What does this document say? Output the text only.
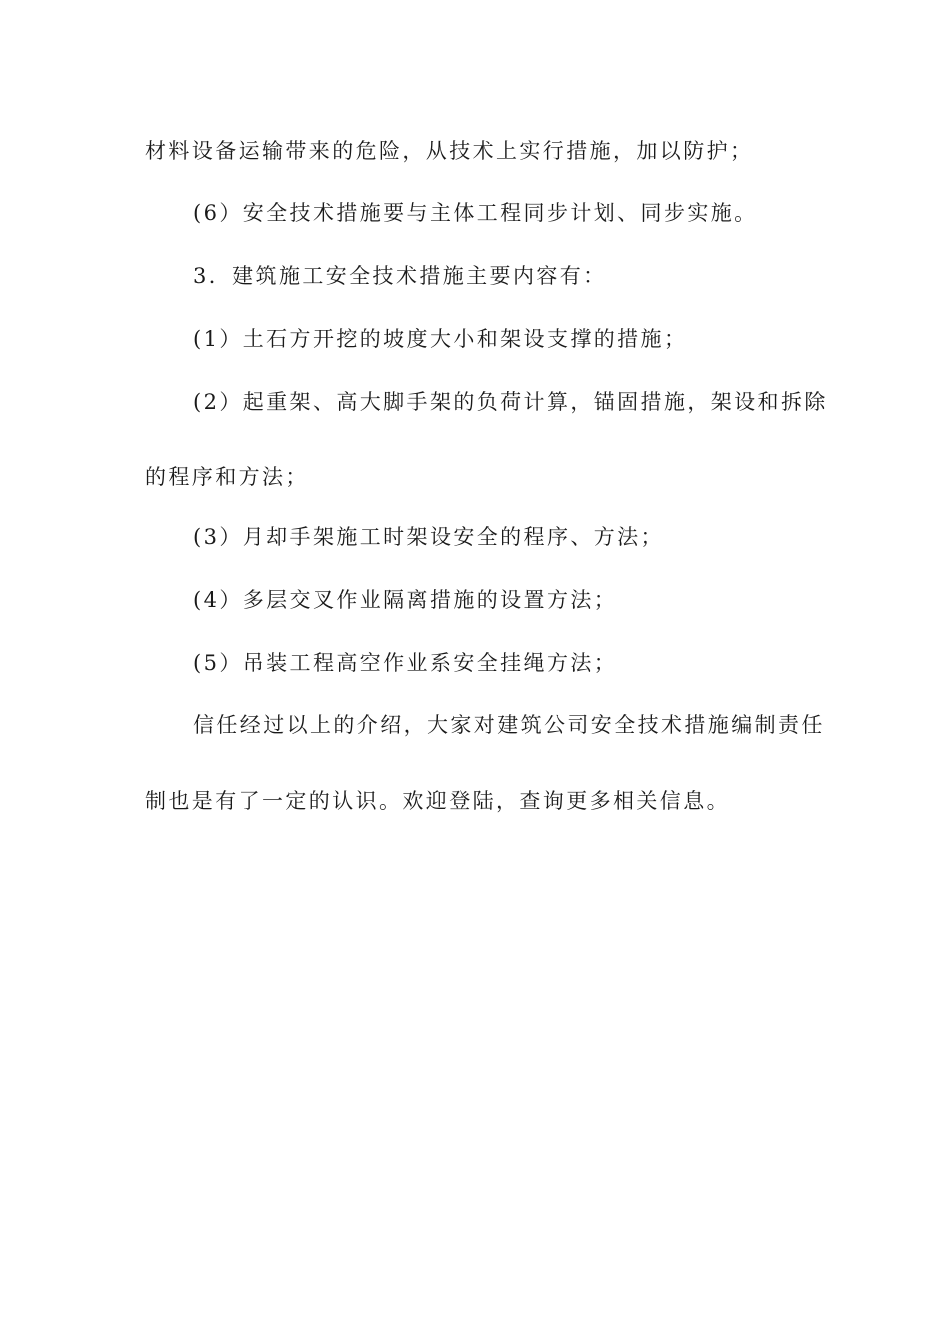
材料设备运输带来的危险，从技术上实行措施，加以防护；
(6）安全技术措施要与主体工程同步计划、同步实施。
3．建筑施工安全技术措施主要内容有：
(1）土石方开挖的坡度大小和架设支撑的措施；
(2）起重架、高大脚手架的负荷计算，锚固措施，架设和拆除
的程序和方法；
(3）月却手架施工时架设安全的程序、方法；
(4）多层交叉作业隔离措施的设置方法；
(5）吊装工程高空作业系安全挂绳方法；
信任经过以上的介绍，大家对建筑公司安全技术措施编制责任
制也是有了一定的认识。欢迎登陆，查询更多相关信息。
